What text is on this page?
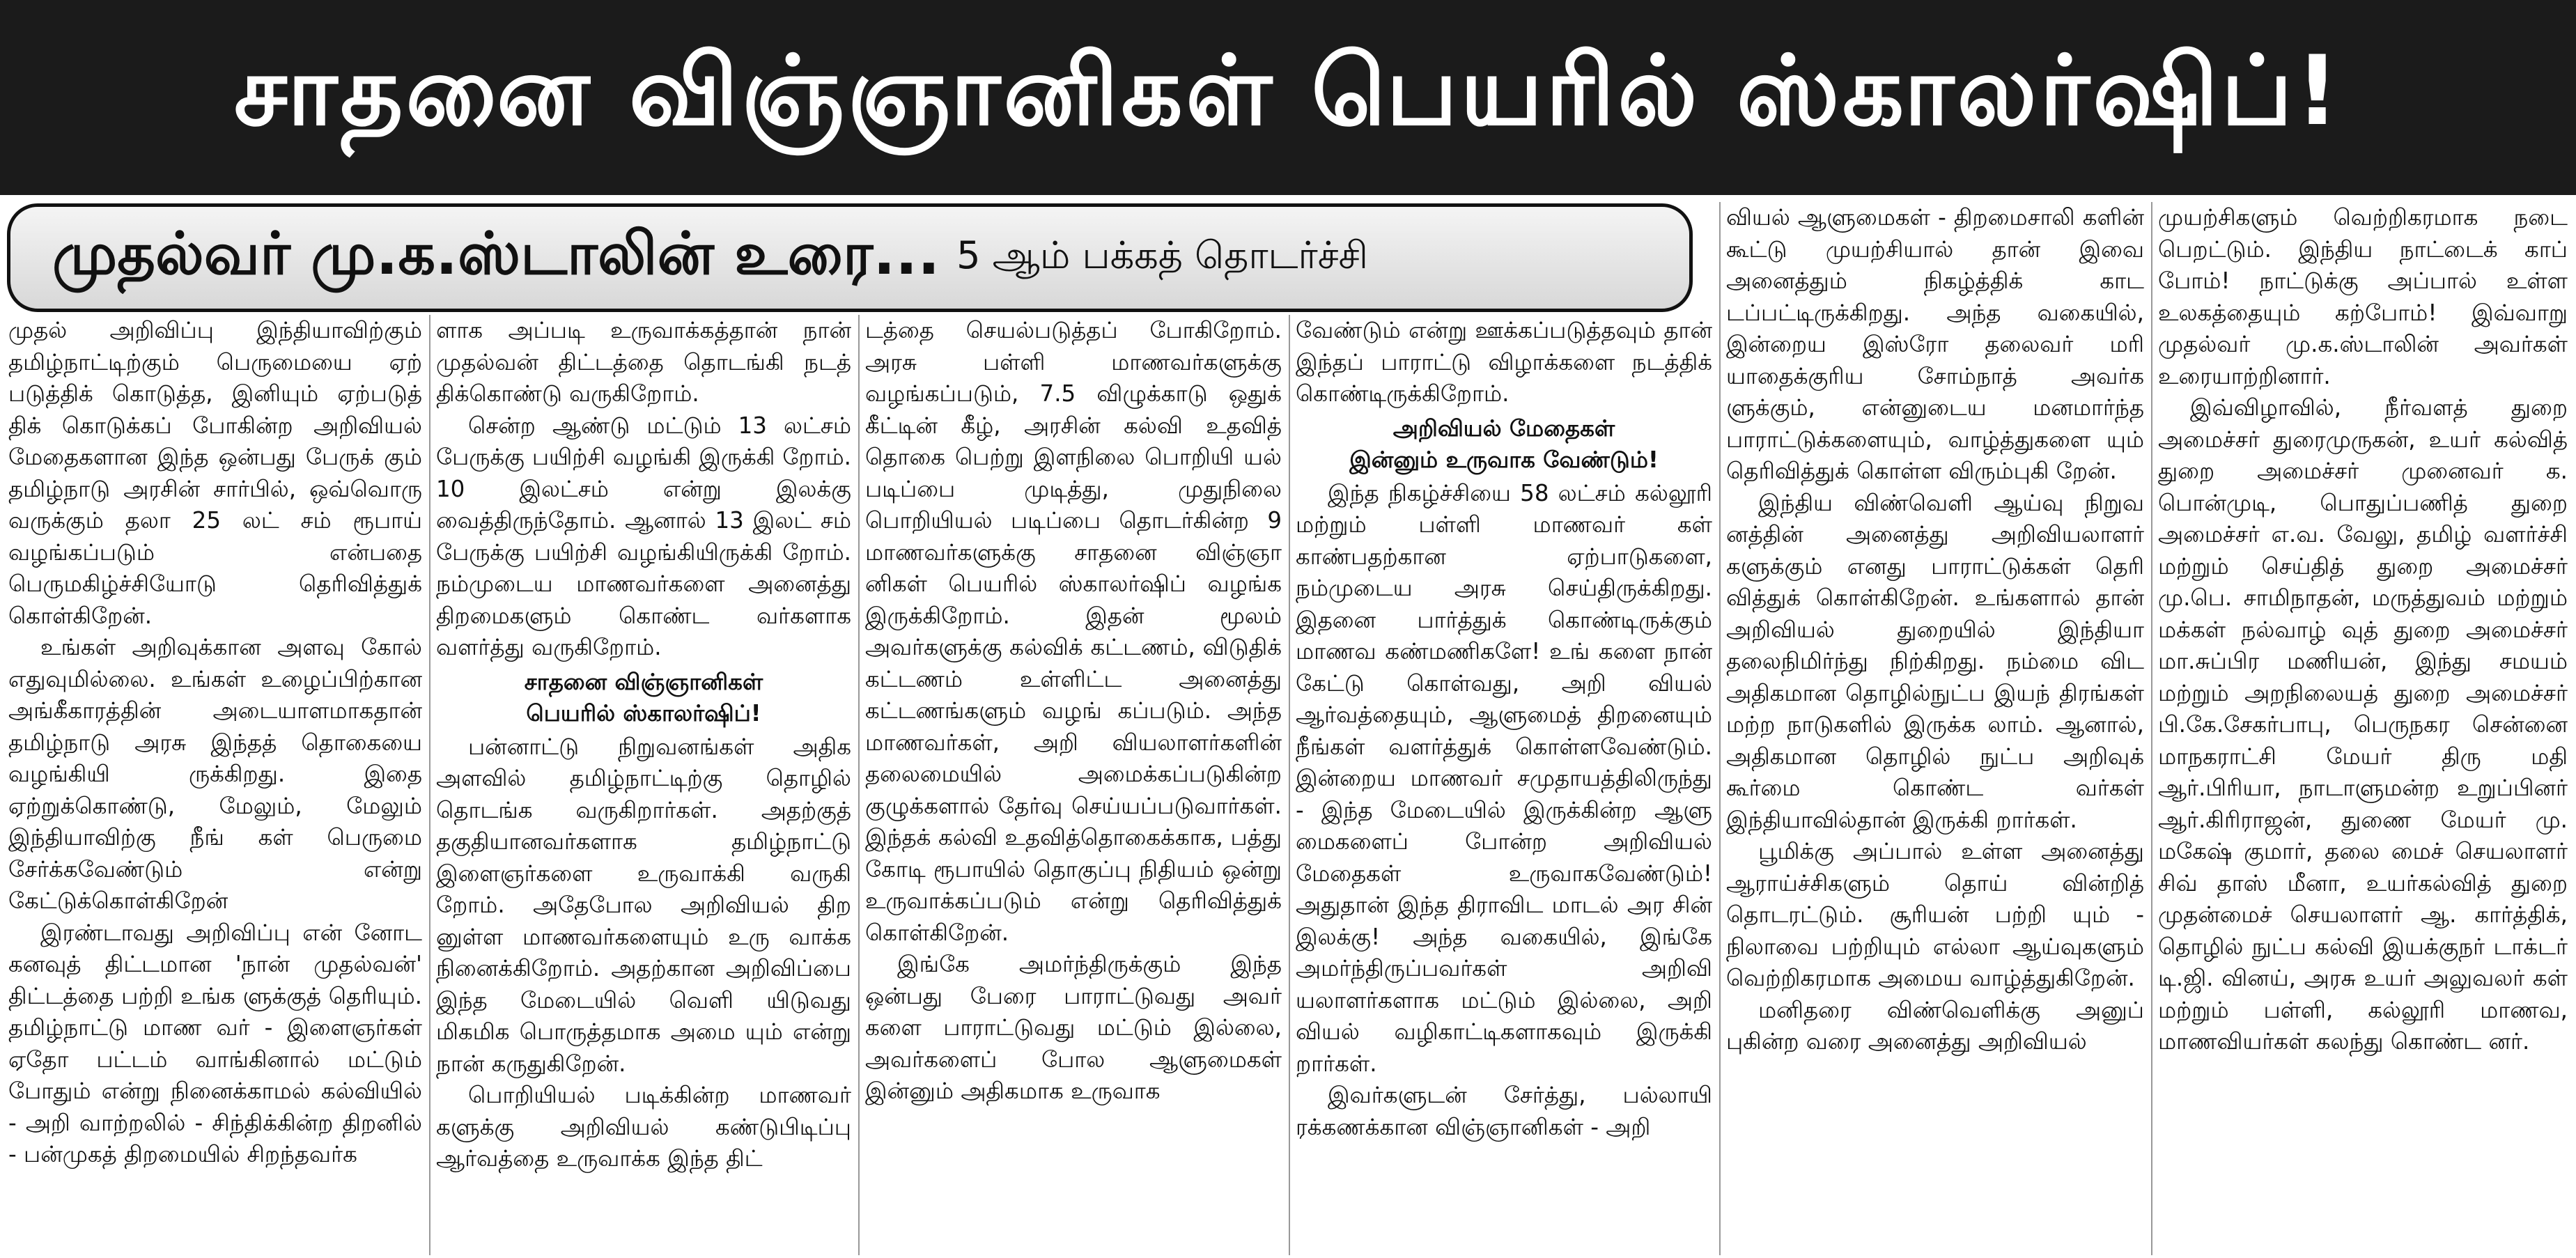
சாதனை விஞ்ஞானிகள் பெயரில் ஸ்காலர்ஷிப்!
முதல்வர் மு.க.ஸ்டாலின் உரை... 5 ஆம் பக்கத் தொடர்ச்சி

முதல் அறிவிப்பு இந்தியாவிற்கும் தமிழ்நாட்டிற்கும் பெருமையை ஏற் படுத்திக் கொடுத்த, இனியும் ஏற்படுத் திக் கொடுக்கப் போகின்ற அறிவியல் மேதைகளான இந்த ஒன்பது பேருக் கும் தமிழ்நாடு அரசின் சார்பில், ஒவ்வொரு வருக்கும் தலா 25 லட் சம் ரூபாய் வழங்கப்படும் என்பதை பெருமகிழ்ச்சியோடு தெரிவித்துக் கொள்கிறேன்.

உங்கள் அறிவுக்கான அளவு கோல் எதுவுமில்லை. உங்கள் உழைப்பிற்கான அங்கீகாரத்தின் அடையாளமாகதான் தமிழ்நாடு அரசு இந்தத் தொகையை வழங்கியி ருக்கிறது. இதை ஏற்றுக்கொண்டு, மேலும், மேலும் இந்தியாவிற்கு நீங் கள் பெருமை சேர்க்கவேண்டும் என்று கேட்டுக்கொள்கிறேன்

இரண்டாவது அறிவிப்பு என் னோட கனவுத் திட்டமான 'நான் முதல்வன்' திட்டத்தை பற்றி உங்க ளுக்குத் தெரியும். தமிழ்நாட்டு மாண வர் - இளைஞர்கள் ஏதோ பட்டம் வாங்கினால் மட்டும் போதும் என்று நினைக்காமல் கல்வியில் - அறி வாற்றலில் - சிந்திக்கின்ற திறனில் - பன்முகத் திறமையில் சிறந்தவர்க

ளாக அப்படி உருவாக்கத்தான் நான் முதல்வன் திட்டத்தை தொடங்கி நடத் திக்கொண்டு வருகிறோம்.

சென்ற ஆண்டு மட்டும் 13 லட்சம் பேருக்கு பயிற்சி வழங்கி இருக்கி றோம். 10 இலட்சம் என்று இலக்கு வைத்திருந்தோம். ஆனால் 13 இலட் சம் பேருக்கு பயிற்சி வழங்கியிருக்கி றோம். நம்முடைய மாணவர்களை அனைத்து திறமைகளும் கொண்ட வர்களாக வளர்த்து வருகிறோம்.

சாதனை விஞ்ஞானிகள்
பெயரில் ஸ்காலர்ஷிப்!

பன்னாட்டு நிறுவனங்கள் அதிக அளவில் தமிழ்நாட்டிற்கு தொழில் தொடங்க வருகிறார்கள். அதற்குத் தகுதியானவர்களாக தமிழ்நாட்டு இளைஞர்களை உருவாக்கி வருகி றோம். அதேபோல அறிவியல் திற னுள்ள மாணவர்களையும் உரு வாக்க நினைக்கிறோம். அதற்கான அறிவிப்பை இந்த மேடையில் வெளி யிடுவது மிகமிக பொருத்தமாக அமை யும் என்று நான் கருதுகிறேன்.

பொறியியல் படிக்கின்ற மாணவர் களுக்கு அறிவியல் கண்டுபிடிப்பு ஆர்வத்தை உருவாக்க இந்த திட்

டத்தை செயல்படுத்தப் போகிறோம். அரசு பள்ளி மாணவர்களுக்கு வழங்கப்படும், 7.5 விழுக்காடு ஒதுக் கீட்டின் கீழ், அரசின் கல்வி உதவித் தொகை பெற்று இளநிலை பொறியி யல் படிப்பை முடித்து, முதுநிலை பொறியியல் படிப்பை தொடர்கின்ற 9 மாணவர்களுக்கு சாதனை விஞ்ஞா னிகள் பெயரில் ஸ்காலர்ஷிப் வழங்க இருக்கிறோம். இதன் மூலம் அவர்களுக்கு கல்விக் கட்டணம், விடுதிக் கட்டணம் உள்ளிட்ட அனைத்து கட்டணங்களும் வழங் கப்படும். அந்த மாணவர்கள், அறி வியலாளர்களின் தலைமையில் அமைக்கப்படுகின்ற குழுக்களால் தேர்வு செய்யப்படுவார்கள். இந்தக் கல்வி உதவித்தொகைக்காக, பத்து கோடி ரூபாயில் தொகுப்பு நிதியம் ஒன்று உருவாக்கப்படும் என்று தெரிவித்துக் கொள்கிறேன்.

இங்கே அமர்ந்திருக்கும் இந்த ஒன்பது பேரை பாராட்டுவது அவர் களை பாராட்டுவது மட்டும் இல்லை, அவர்களைப் போல ஆளுமைகள் இன்னும் அதிகமாக உருவாக

வேண்டும் என்று ஊக்கப்படுத்தவும் தான் இந்தப் பாராட்டு விழாக்களை நடத்திக் கொண்டிருக்கிறோம்.

அறிவியல் மேதைகள்
இன்னும் உருவாக வேண்டும்!

இந்த நிகழ்ச்சியை 58 லட்சம் கல்லூரி மற்றும் பள்ளி மாணவர் கள் காண்பதற்கான ஏற்பாடுகளை, நம்முடைய அரசு செய்திருக்கிறது. இதனை பார்த்துக் கொண்டிருக்கும் மாணவ கண்மணிகளே! உங் களை நான் கேட்டு கொள்வது, அறி வியல் ஆர்வத்தையும், ஆளுமைத் திறனையும் நீங்கள் வளர்த்துக் கொள்ளவேண்டும். இன்றைய மாணவர் சமுதாயத்திலிருந்து - இந்த மேடையில் இருக்கின்ற ஆளு மைகளைப் போன்ற அறிவியல் மேதைகள் உருவாகவேண்டும்! அதுதான் இந்த திராவிட மாடல் அர சின் இலக்கு! அந்த வகையில், இங்கே அமர்ந்திருப்பவர்கள் அறிவி யலாளர்களாக மட்டும் இல்லை, அறி வியல் வழிகாட்டிகளாகவும் இருக்கி றார்கள்.

இவர்களுடன் சேர்த்து, பல்லாயி ரக்கணக்கான விஞ்ஞானிகள் - அறி

வியல் ஆளுமைகள் - திறமைசாலி களின் கூட்டு முயற்சியால் தான் இவை அனைத்தும் நிகழ்த்திக் காட டப்பட்டிருக்கிறது. அந்த வகையில், இன்றைய இஸ்ரோ தலைவர் மரி யாதைக்குரிய சோம்நாத் அவர்க ளுக்கும், என்னுடைய மனமார்ந்த பாராட்டுக்களையும், வாழ்த்துகளை யும் தெரிவித்துக் கொள்ள விரும்புகி றேன்.

இந்திய விண்வெளி ஆய்வு நிறுவ னத்தின் அனைத்து அறிவியலாளர் களுக்கும் எனது பாராட்டுக்கள் தெரி வித்துக் கொள்கிறேன். உங்களால் தான் அறிவியல் துறையில் இந்தியா தலைநிமிர்ந்து நிற்கிறது. நம்மை விட அதிகமான தொழில்நுட்ப இயந் திரங்கள் மற்ற நாடுகளில் இருக்க லாம். ஆனால், அதிகமான தொழில் நுட்ப அறிவுக் கூர்மை கொண்ட வர்கள் இந்தியாவில்தான் இருக்கி றார்கள்.

பூமிக்கு அப்பால் உள்ள அனைத்து ஆராய்ச்சிகளும் தொய் வின்றித் தொடரட்டும். சூரியன் பற்றி யும் - நிலாவை பற்றியும் எல்லா ஆய்வுகளும் வெற்றிகரமாக அமைய வாழ்த்துகிறேன்.

மனிதரை விண்வெளிக்கு அனுப் புகின்ற வரை அனைத்து அறிவியல்

முயற்சிகளும் வெற்றிகரமாக நடை பெறட்டும். இந்திய நாட்டைக் காப் போம்! நாட்டுக்கு அப்பால் உள்ள உலகத்தையும் கற்போம்! இவ்வாறு முதல்வர் மு.க.ஸ்டாலின் அவர்கள் உரையாற்றினார்.

இவ்விழாவில், நீர்வளத் துறை அமைச்சர் துரைமுருகன், உயர் கல்வித் துறை அமைச்சர் முனைவர் க. பொன்முடி, பொதுப்பணித் துறை அமைச்சர் எ.வ. வேலு, தமிழ் வளர்ச்சி மற்றும் செய்தித் துறை அமைச்சர் மு.பெ. சாமிநாதன், மருத்துவம் மற்றும் மக்கள் நல்வாழ் வுத் துறை அமைச்சர் மா.சுப்பிர மணியன், இந்து சமயம் மற்றும் அறநிலையத் துறை அமைச்சர் பி.கே.சேகர்பாபு, பெருநகர சென்னை மாநகராட்சி மேயர் திரு மதி ஆர்.பிரியா, நாடாளுமன்ற உறுப்பினர் ஆர்.கிரிராஜன், துணை மேயர் மு. மகேஷ் குமார், தலை மைச் செயலாளர் சிவ் தாஸ் மீனா, உயர்கல்வித் துறை முதன்மைச் செயலாளர் ஆ. கார்த்திக், தொழில் நுட்ப கல்வி இயக்குநர் டாக்டர் டி.ஜி. வினய், அரசு உயர் அலுவலர் கள் மற்றும் பள்ளி, கல்லூரி மாணவ, மாணவியர்கள் கலந்து கொண்ட னர்.
